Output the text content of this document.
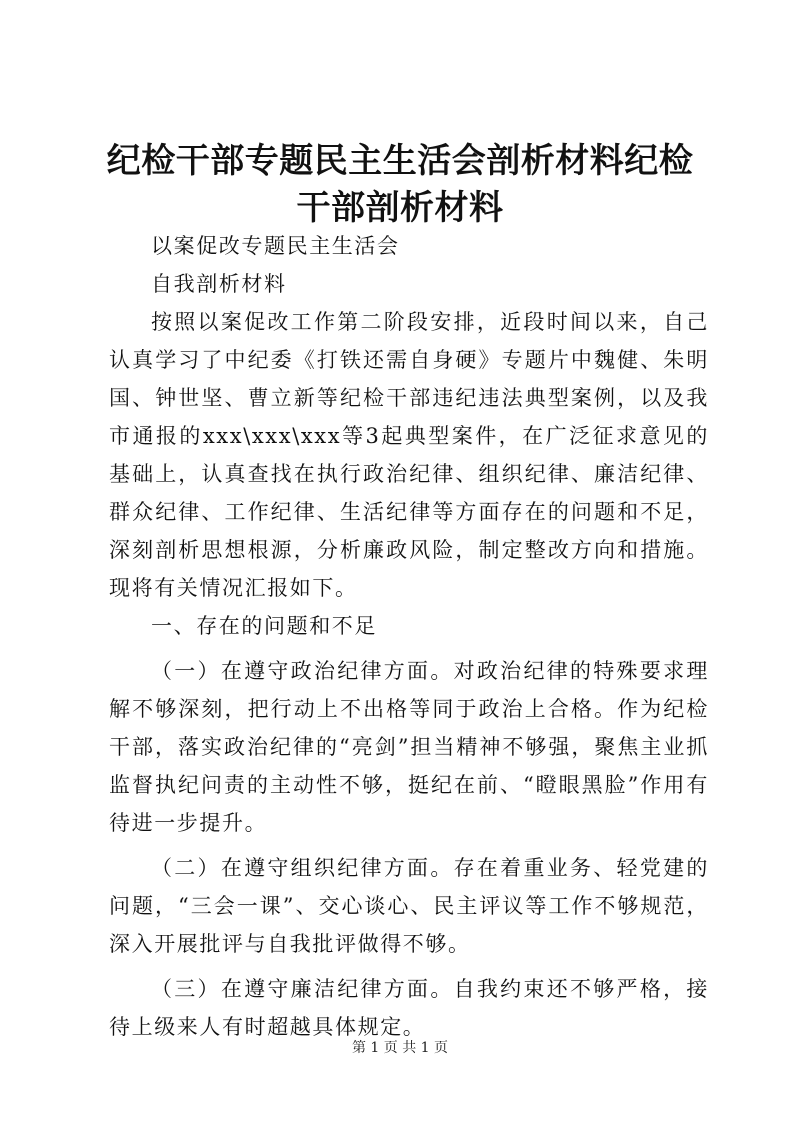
纪检干部专题民主生活会剖析材料纪检干部剖析材料

以案促改专题民主生活会

自我剖析材料

按照以案促改工作第二阶段安排，近段时间以来，自己认真学习了中纪委《打铁还需自身硬》专题片中魏健、朱明国、钟世坚、曹立新等纪检干部违纪违法典型案例，以及我市通报的xxx\xxx\xxx等3起典型案件，在广泛征求意见的基础上，认真查找在执行政治纪律、组织纪律、廉洁纪律、群众纪律、工作纪律、生活纪律等方面存在的问题和不足，深刻剖析思想根源，分析廉政风险，制定整改方向和措施。现将有关情况汇报如下。

一、存在的问题和不足

（一）在遵守政治纪律方面。对政治纪律的特殊要求理解不够深刻，把行动上不出格等同于政治上合格。作为纪检干部，落实政治纪律的“亮剑”担当精神不够强，聚焦主业抓监督执纪问责的主动性不够，挺纪在前、“瞪眼黑脸”作用有待进一步提升。

（二）在遵守组织纪律方面。存在着重业务、轻党建的问题，“三会一课”、交心谈心、民主评议等工作不够规范，深入开展批评与自我批评做得不够。

（三）在遵守廉洁纪律方面。自我约束还不够严格，接待上级来人有时超越具体规定。

第 1 页 共 1 页
